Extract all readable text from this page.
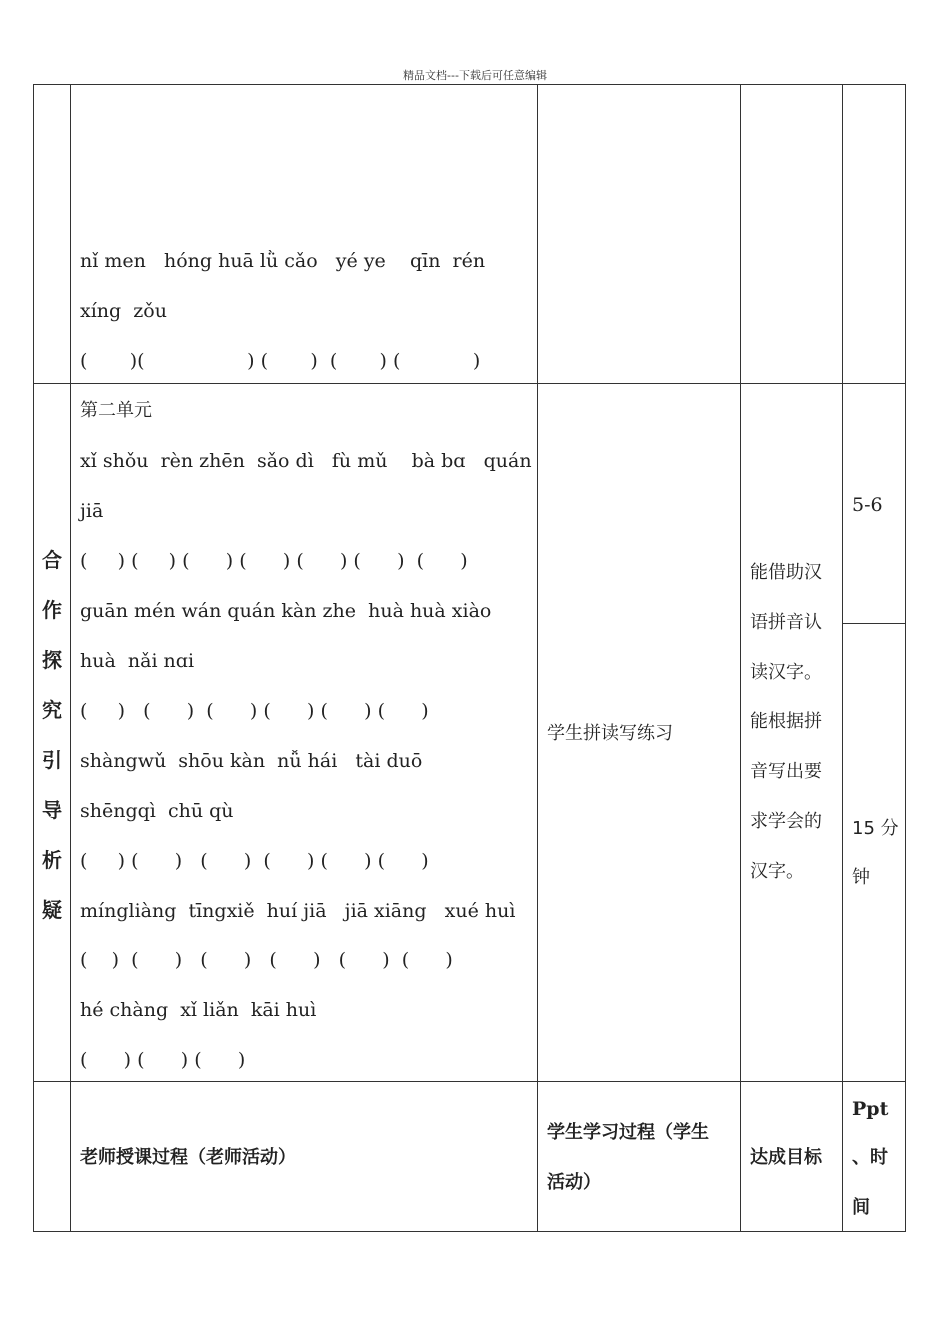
精品文档---下载后可任意编辑
nǐ men   hóng huā lǜ cǎo   yé ye    qīn  rén
xíng  zǒu
(       )(                 ) (       )  (       ) (            )
合
作
探
究
引
导
析
疑
第二单元
xǐ shǒu  rèn zhēn  sǎo dì   fù mǔ    bà bɑ   quán
jiā
(     ) (     ) (      ) (      ) (      ) (      )  (      )
guān mén wán quán kàn zhe  huà huà xiào
huà  nǎi nɑi
(     )   (      )  (      ) (      ) (      ) (      )
shàngwǔ  shōu kàn  nǚ hái   tài duō
shēngqì  chū qù
(     ) (      )   (      )  (      ) (      ) (      )
míngliàng  tīngxiě  huí jiā   jiā xiāng   xué huì
(    )  (      )   (      )   (      )   (      )  (      )
hé chàng  xǐ liǎn  kāi huì
(      ) (      ) (      )
学生拼读写练习
能借助汉
语拼音认
读汉字。
能根据拼
音写出要
求学会的
汉字。
5-6
15 分
钟
老师授课过程（老师活动）
学生学习过程（学生
活动）
达成目标
Ppt
、时
间
